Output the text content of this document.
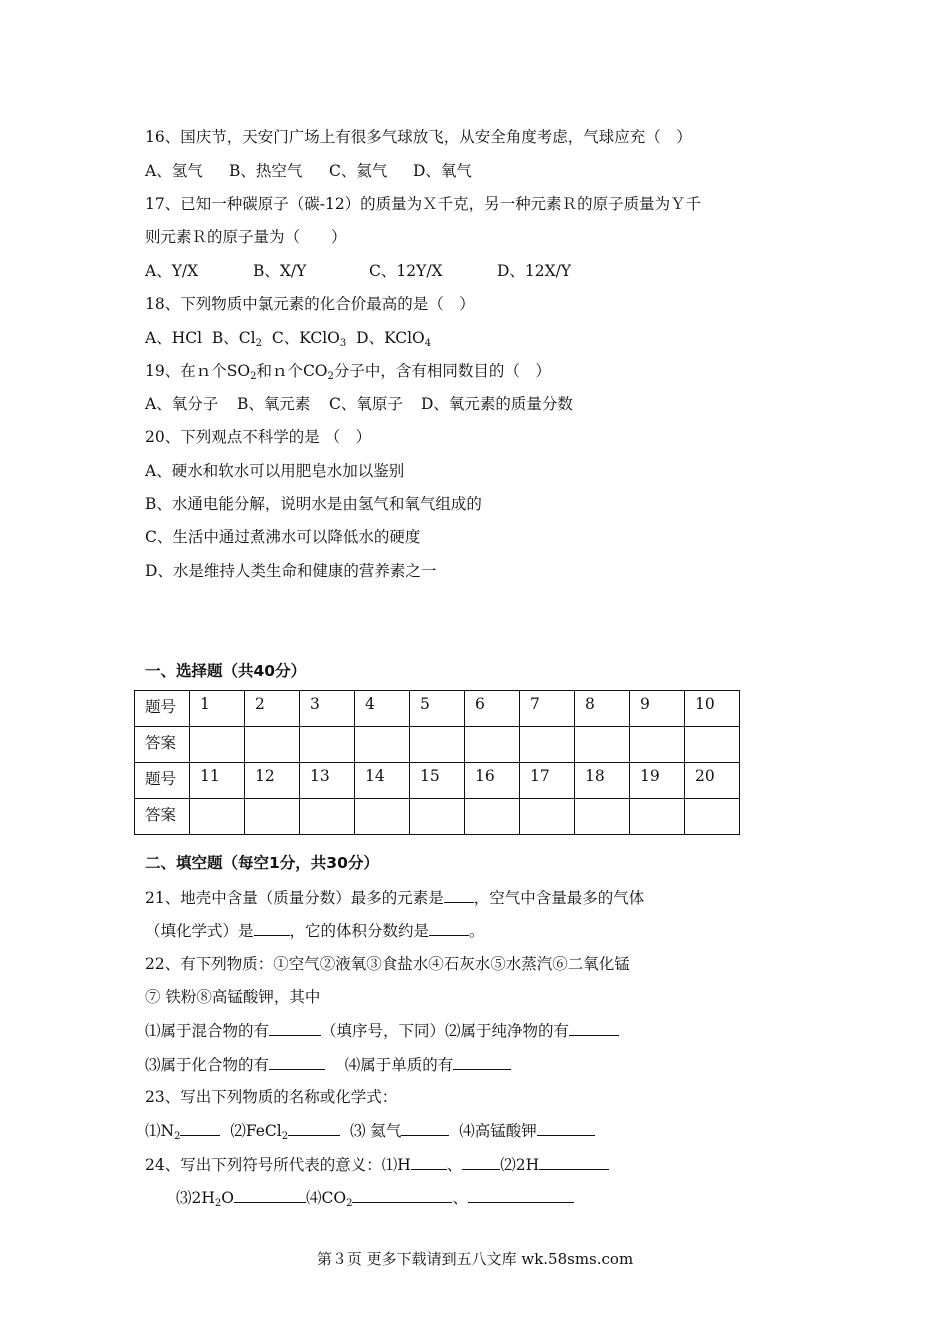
16、国庆节，天安门广场上有很多气球放飞，从安全角度考虑，气球应充（　）
A、氢气 B、热空气 C、氦气 D、氧气
17、已知一种碳原子（碳-12）的质量为Ｘ千克，另一种元素Ｒ的原子质量为Ｙ千
则元素Ｒ的原子量为（　　）
A、Y/X	B、X/Y	C、12Y/X	D、12X/Y
18、下列物质中氯元素的化合价最高的是（　）
A、HCl B、$Cl_2$ C、KClO$_3$ D、KClO$_4$
19、在ｎ个$SO_2$和ｎ个$CO_2$分子中，含有相同数目的（　）
A、氧分子 B、氧元素 C、氧原子 D、氧元素的质量分数
20、下列观点不科学的是 （　）
A、硬水和软水可以用肥皂水加以鉴别
B、水通电能分解，说明水是由氢气和氧气组成的
C、生活中通过煮沸水可以降低水的硬度
D、水是维持人类生命和健康的营养素之一
一、选择题（共40分）
题号	1	2	3	4	5	6	7	8	9	10
答案										
题号	11	12	13	14	15	16	17	18	19	20
答案										
二、填空题（每空1分，共30分）
21、地壳中含量（质量分数）最多的元素是 ，空气中含量最多的气体
（填化学式）是 ，它的体积分数约是	。
22、有下列物质：①空气②液氧③食盐水④石灰水⑤水蒸汽⑥二氧化锰
⑦ 铁粉⑧高锰酸钾，其中
⑴属于混合物的有	（填序号，下同）⑵属于纯净物的有
⑶属于化合物的有	⑷属于单质的有
23、写出下列物质的名称或化学式：
$⑴N_2$	⑵FeCl$_2$	⑶ 氦气	⑷高锰酸钾
24、写出下列符号所代表的意义：⑴H 、 ⑵2H
$⑶2H_2O$	$⑷CO_2$	、
第３页 更多下载请到五八文库 wk.58sms.com
